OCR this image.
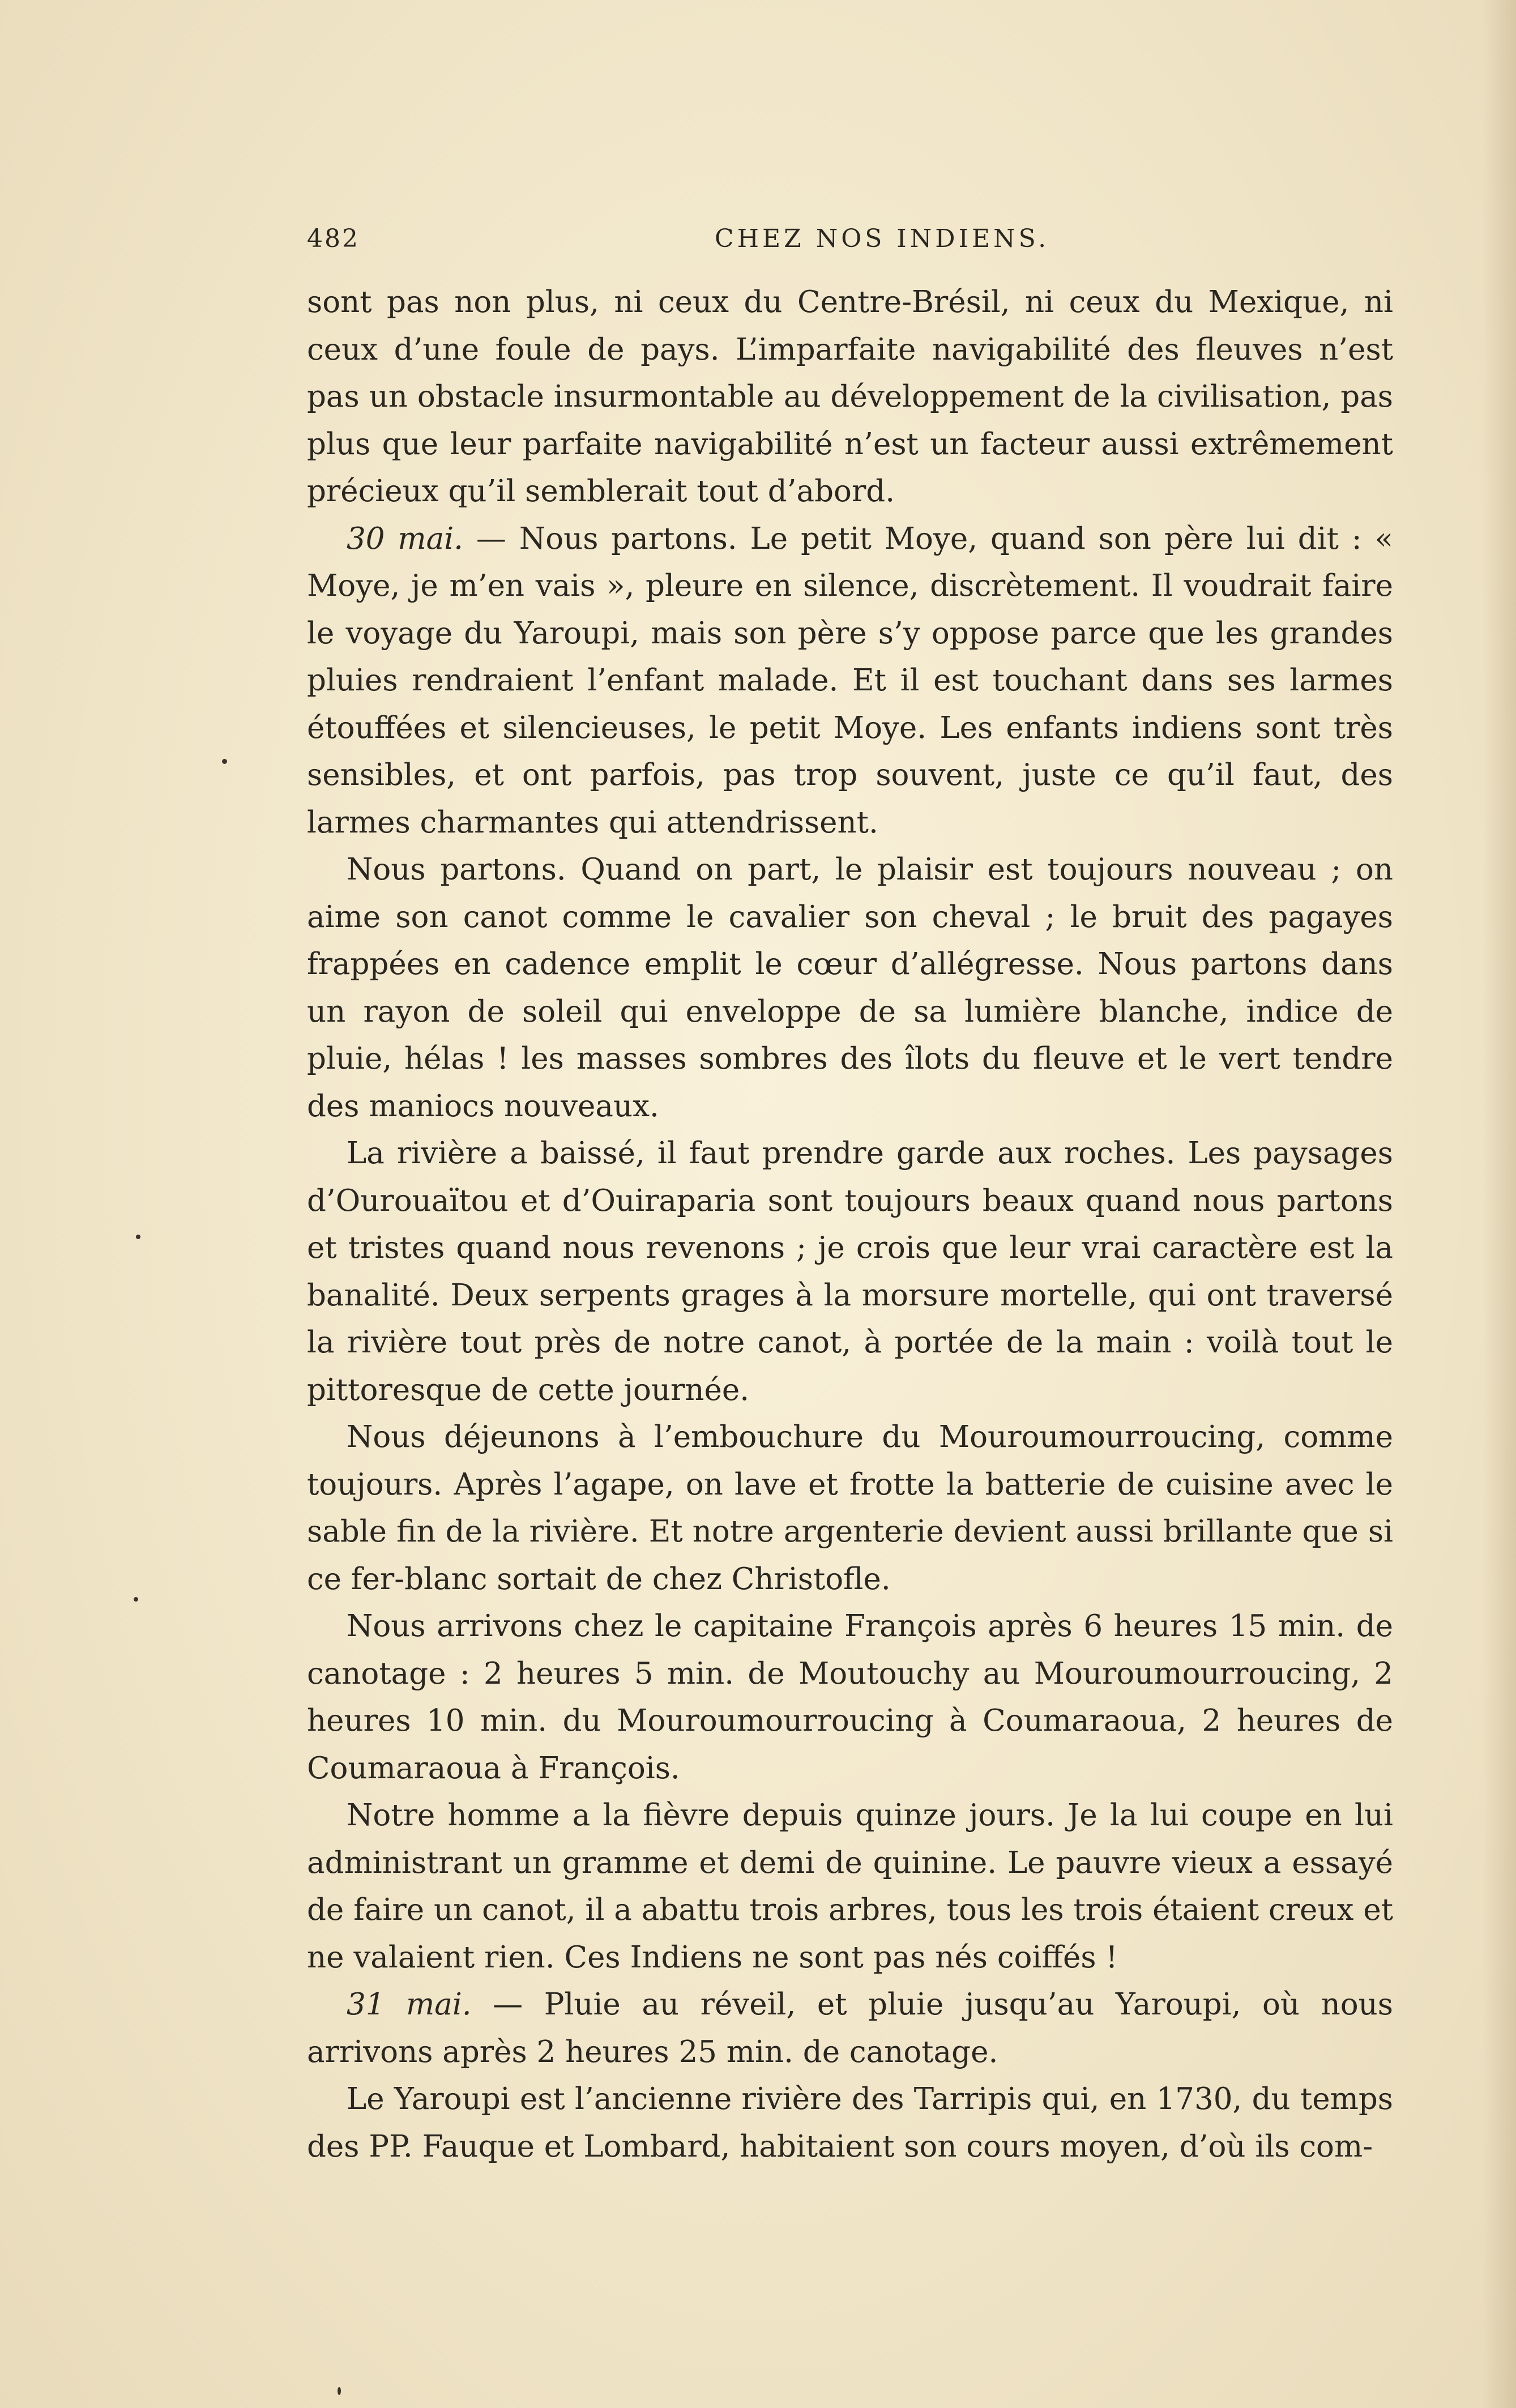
482	CHEZ NOS INDIENS.

sont pas non plus, ni ceux du Centre-Brésil, ni ceux du Mexique, ni ceux d’une foule de pays. L’imparfaite navigabilité des fleuves n’est pas un obstacle insurmontable au développement de la civilisation, pas plus que leur parfaite navigabilité n’est un facteur aussi extrêmement précieux qu’il semblerait tout d’abord.

30 mai. — Nous partons. Le petit Moye, quand son père lui dit : « Moye, je m’en vais », pleure en silence, discrètement. Il voudrait faire le voyage du Yaroupi, mais son père s’y oppose parce que les grandes pluies rendraient l’enfant malade. Et il est touchant dans ses larmes étouffées et silencieuses, le petit Moye. Les enfants indiens sont très sensibles, et ont parfois, pas trop souvent, juste ce qu’il faut, des larmes charmantes qui attendrissent.

Nous partons. Quand on part, le plaisir est toujours nouveau ; on aime son canot comme le cavalier son cheval ; le bruit des pagayes frappées en cadence emplit le cœur d’allégresse. Nous partons dans un rayon de soleil qui enveloppe de sa lumière blanche, indice de pluie, hélas ! les masses sombres des îlots du fleuve et le vert tendre des maniocs nouveaux.

La rivière a baissé, il faut prendre garde aux roches. Les paysages d’Ourouaïtou et d’Ouiraparia sont toujours beaux quand nous partons et tristes quand nous revenons ; je crois que leur vrai caractère est la banalité. Deux serpents grages à la morsure mortelle, qui ont traversé la rivière tout près de notre canot, à portée de la main : voilà tout le pittoresque de cette journée.

Nous déjeunons à l’embouchure du Mouroumourroucing, comme toujours. Après l’agape, on lave et frotte la batterie de cuisine avec le sable fin de la rivière. Et notre argenterie devient aussi brillante que si ce fer-blanc sortait de chez Christofle.

Nous arrivons chez le capitaine François après 6 heures 15 min. de canotage : 2 heures 5 min. de Moutouchy au Mouroumourroucing, 2 heures 10 min. du Mouroumourroucing à Coumaraoua, 2 heures de Coumaraoua à François.

Notre homme a la fièvre depuis quinze jours. Je la lui coupe en lui administrant un gramme et demi de quinine. Le pauvre vieux a essayé de faire un canot, il a abattu trois arbres, tous les trois étaient creux et ne valaient rien. Ces Indiens ne sont pas nés coiffés !

31 mai. — Pluie au réveil, et pluie jusqu’au Yaroupi, où nous arrivons après 2 heures 25 min. de canotage.

Le Yaroupi est l’ancienne rivière des Tarripis qui, en 1730, du temps des PP. Fauque et Lombard, habitaient son cours moyen, d’où ils com-
